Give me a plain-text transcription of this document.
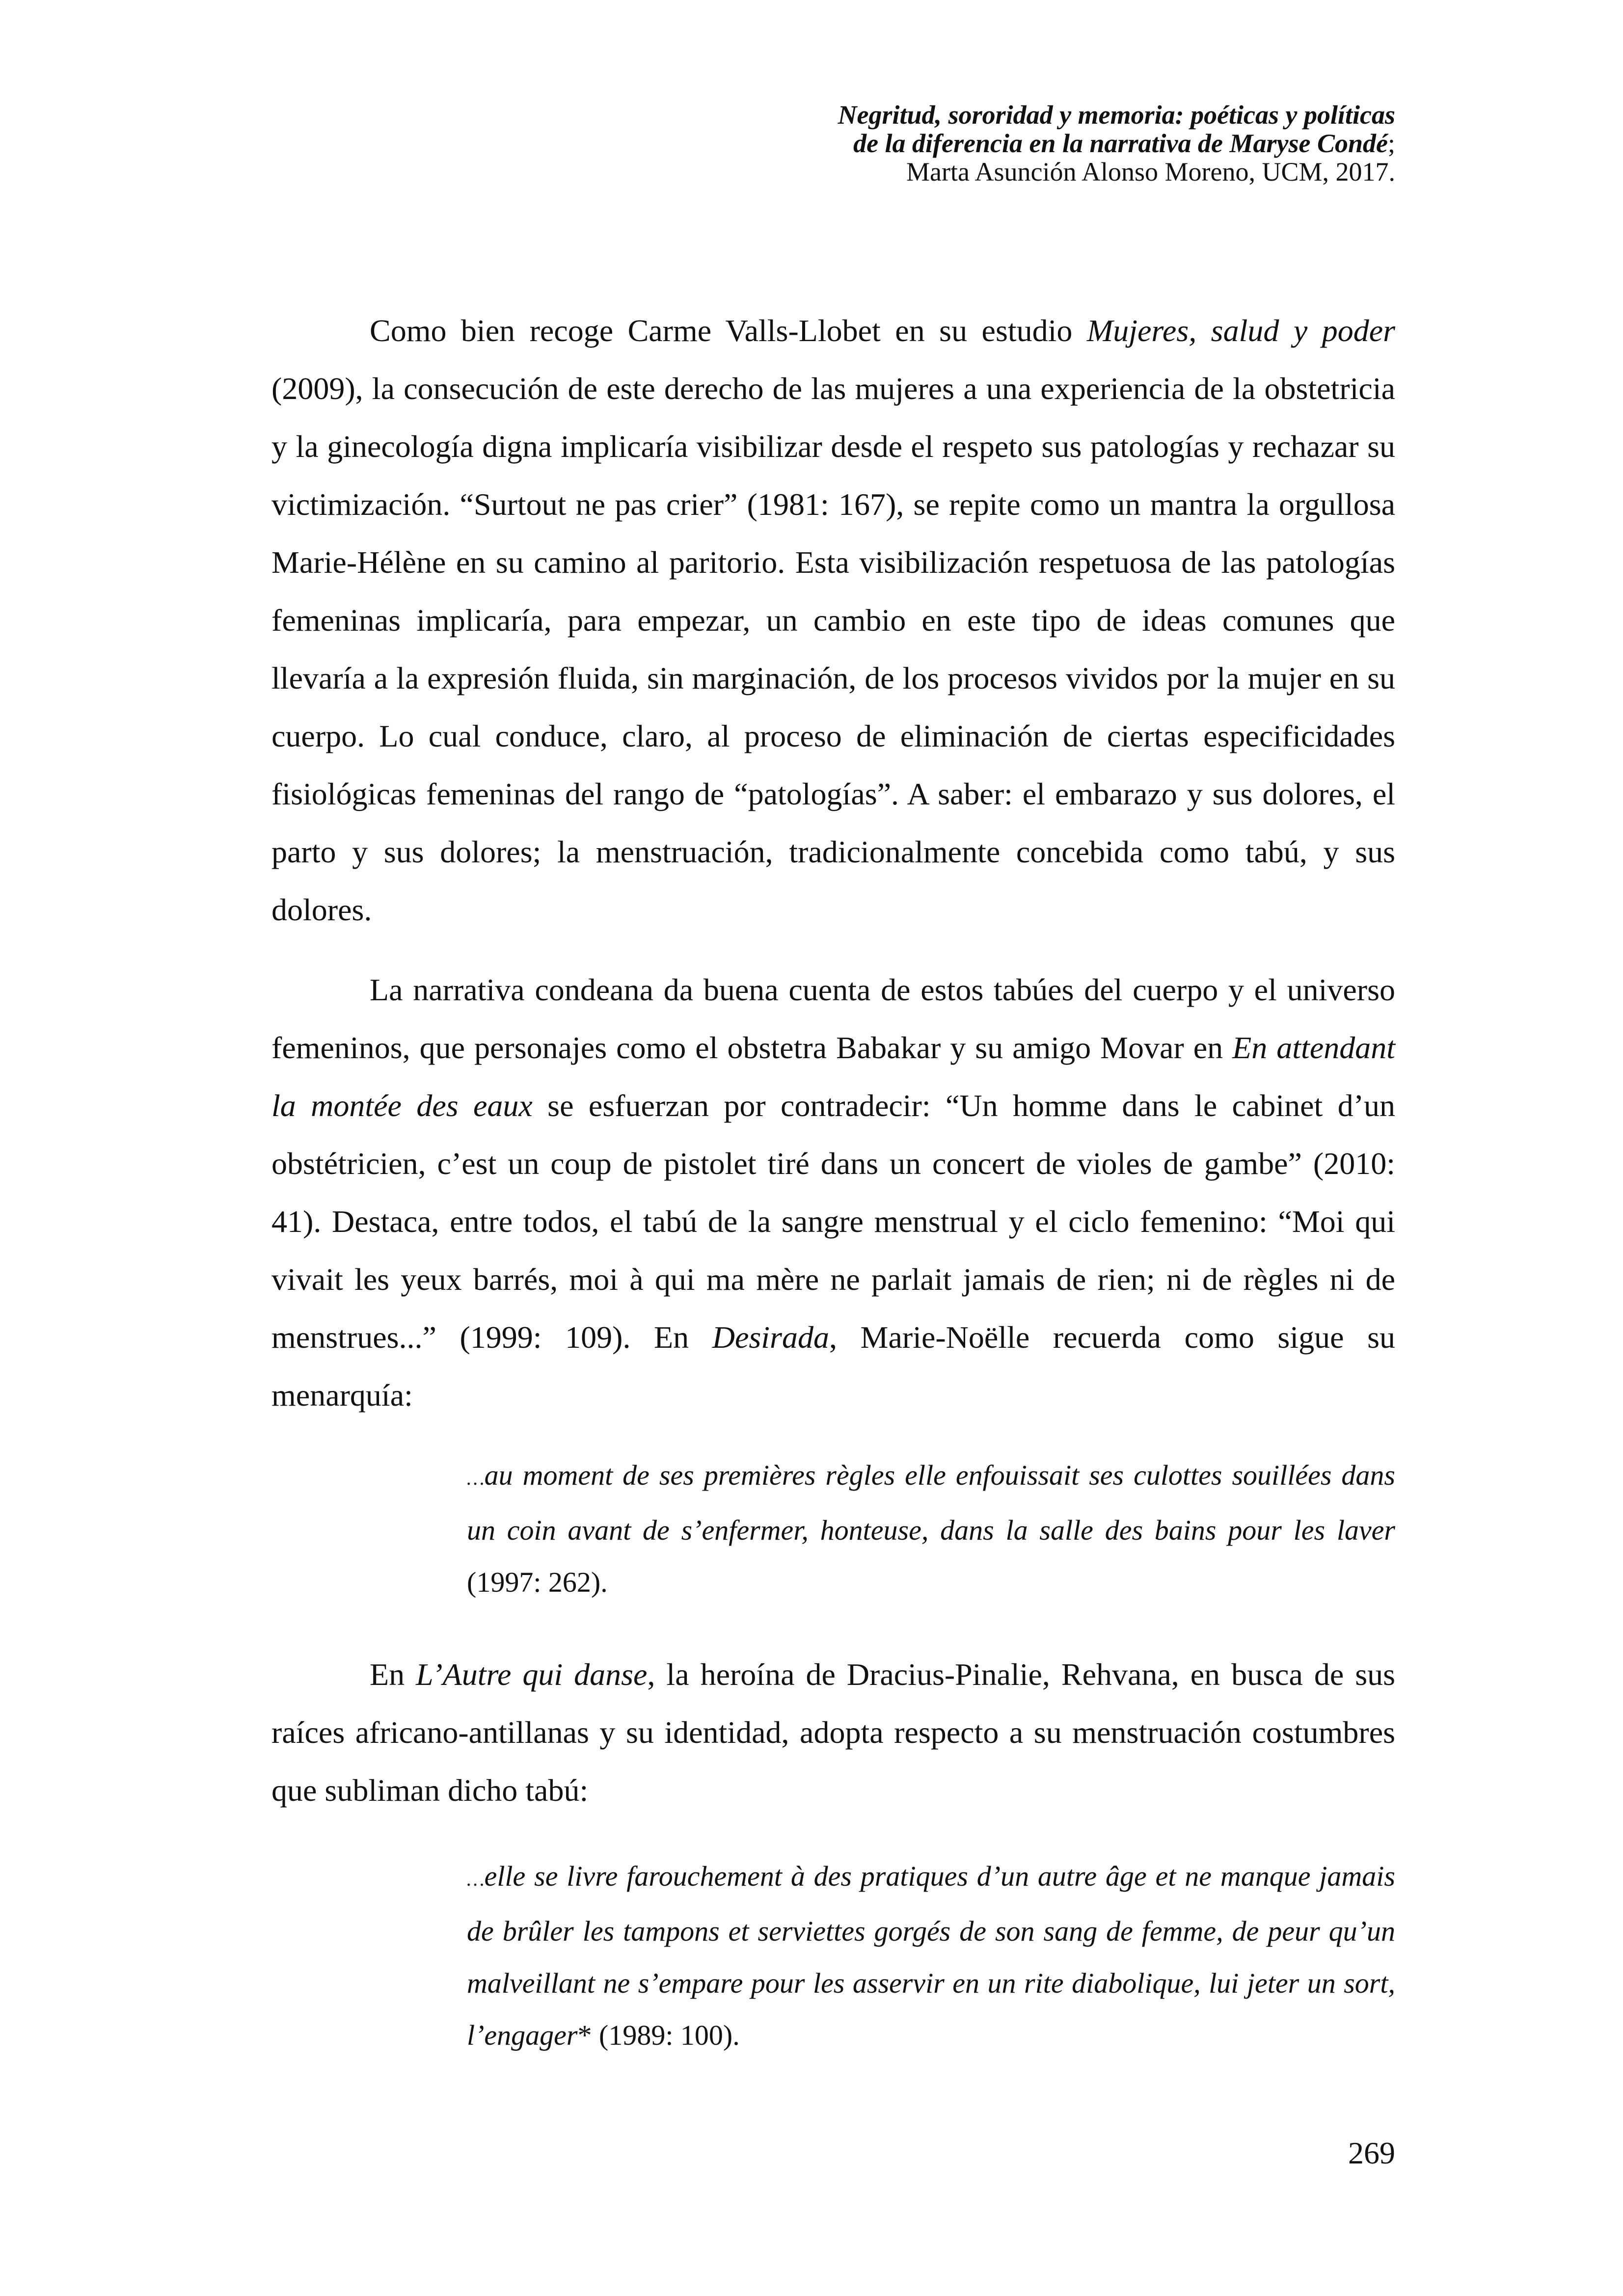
Negritud, sororidad y memoria: poéticas y políticas
de la diferencia en la narrativa de Maryse Condé;
Marta Asunción Alonso Moreno, UCM, 2017.

Como bien recoge Carme Valls-Llobet en su estudio Mujeres, salud y poder (2009), la consecución de este derecho de las mujeres a una experiencia de la obstetricia y la ginecología digna implicaría visibilizar desde el respeto sus patologías y rechazar su victimización. “Surtout ne pas crier” (1981: 167), se repite como un mantra la orgullosa Marie-Hélène en su camino al paritorio. Esta visibilización respetuosa de las patologías femeninas implicaría, para empezar, un cambio en este tipo de ideas comunes que llevaría a la expresión fluida, sin marginación, de los procesos vividos por la mujer en su cuerpo. Lo cual conduce, claro, al proceso de eliminación de ciertas especificidades fisiológicas femeninas del rango de “patologías”. A saber: el embarazo y sus dolores, el parto y sus dolores; la menstruación, tradicionalmente concebida como tabú, y sus dolores.

La narrativa condeana da buena cuenta de estos tabúes del cuerpo y el universo femeninos, que personajes como el obstetra Babakar y su amigo Movar en En attendant la montée des eaux se esfuerzan por contradecir: “Un homme dans le cabinet d’un obstétricien, c’est un coup de pistolet tiré dans un concert de violes de gambe” (2010: 41). Destaca, entre todos, el tabú de la sangre menstrual y el ciclo femenino: “Moi qui vivait les yeux barrés, moi à qui ma mère ne parlait jamais de rien; ni de règles ni de menstrues...” (1999: 109). En Desirada, Marie-Noëlle recuerda como sigue su menarquía:

…au moment de ses premières règles elle enfouissait ses culottes souillées dans un coin avant de s’enfermer, honteuse, dans la salle des bains pour les laver (1997: 262).

En L’Autre qui danse, la heroína de Dracius-Pinalie, Rehvana, en busca de sus raíces africano-antillanas y su identidad, adopta respecto a su menstruación costumbres que subliman dicho tabú:

…elle se livre farouchement à des pratiques d’un autre âge et ne manque jamais de brûler les tampons et serviettes gorgés de son sang de femme, de peur qu’un malveillant ne s’empare pour les asservir en un rite diabolique, lui jeter un sort, l’engager* (1989: 100).

269
